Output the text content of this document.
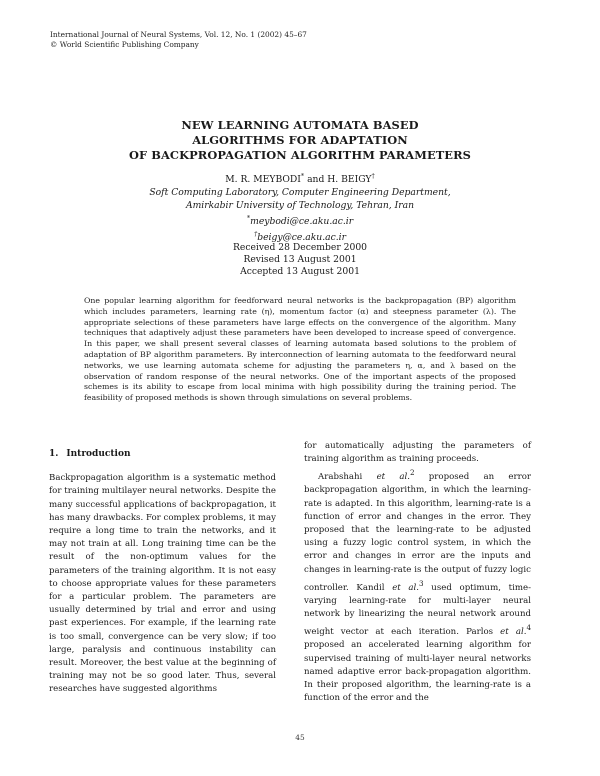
International Journal of Neural Systems, Vol. 12, No. 1 (2002) 45–67
© World Scientific Publishing Company
NEW LEARNING AUTOMATA BASED
ALGORITHMS FOR ADAPTATION
OF BACKPROPAGATION ALGORITHM PARAMETERS
M. R. MEYBODI* and H. BEIGY†
Soft Computing Laboratory, Computer Engineering Department,
Amirkabir University of Technology, Tehran, Iran
*meybodi@ce.aku.ac.ir
†beigy@ce.aku.ac.ir
Received 28 December 2000
Revised 13 August 2001
Accepted 13 August 2001
One popular learning algorithm for feedforward neural networks is the backpropagation (BP) algorithm which includes parameters, learning rate (η), momentum factor (α) and steepness parameter (λ). The appropriate selections of these parameters have large effects on the convergence of the algorithm. Many techniques that adaptively adjust these parameters have been developed to increase speed of convergence. In this paper, we shall present several classes of learning automata based solutions to the problem of adaptation of BP algorithm parameters. By interconnection of learning automata to the feedforward neural networks, we use learning automata scheme for adjusting the parameters η, α, and λ based on the observation of random response of the neural networks. One of the important aspects of the proposed schemes is its ability to escape from local minima with high possibility during the training period. The feasibility of proposed methods is shown through simulations on several problems.
1. Introduction

Backpropagation algorithm is a systematic method for training multilayer neural networks. Despite the many successful applications of backpropagation, it has many drawbacks. For complex problems, it may require a long time to train the networks, and it may not train at all. Long training time can be the result of the non-optimum values for the parameters of the training algorithm. It is not easy to choose appropriate values for these parameters for a particular problem. The parameters are usually determined by trial and error and using past experiences. For example, if the learning rate is too small, convergence can be very slow; if too large, paralysis and continuous instability can result. Moreover, the best value at the beginning of training may not be so good later. Thus, several researches have suggested algorithms

for automatically adjusting the parameters of training algorithm as training proceeds.

Arabshahi et al.$^2$ proposed an error backpropagation algorithm, in which the learning-rate is adapted. In this algorithm, learning-rate is a function of error and changes in the error. They proposed that the learning-rate to be adjusted using a fuzzy logic control system, in which the error and changes in error are the inputs and changes in learning-rate is the output of fuzzy logic controller. Kandil et al.$^3$ used optimum, time-varying learning-rate for multi-layer neural network by linearizing the neural network around weight vector at each iteration. Parlos et al.$^4$ proposed an accelerated learning algorithm for supervised training of multi-layer neural networks named adaptive error back-propagation algorithm. In their proposed algorithm, the learning-rate is a function of the error and the

45
